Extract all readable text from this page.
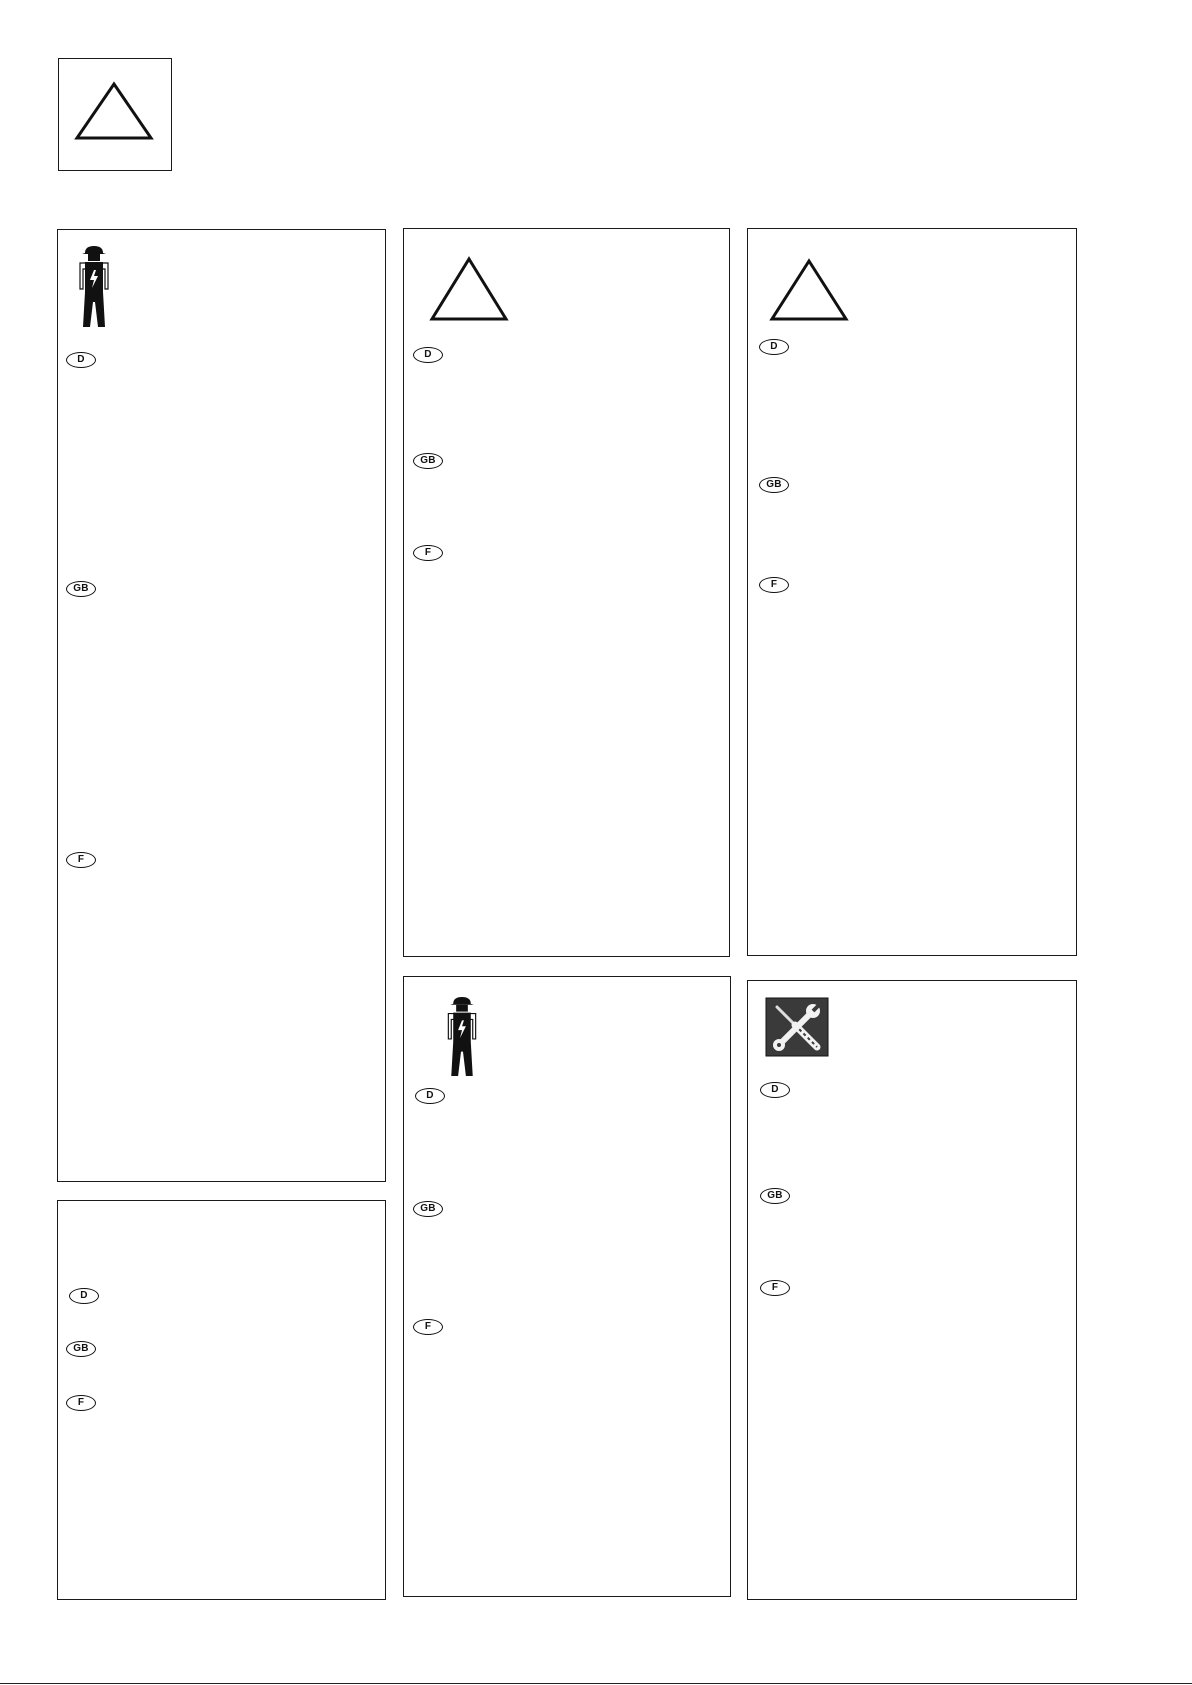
D
GB
F
D
GB
F
D
GB
F
D
GB
F
D
GB
F
D
GB
F
